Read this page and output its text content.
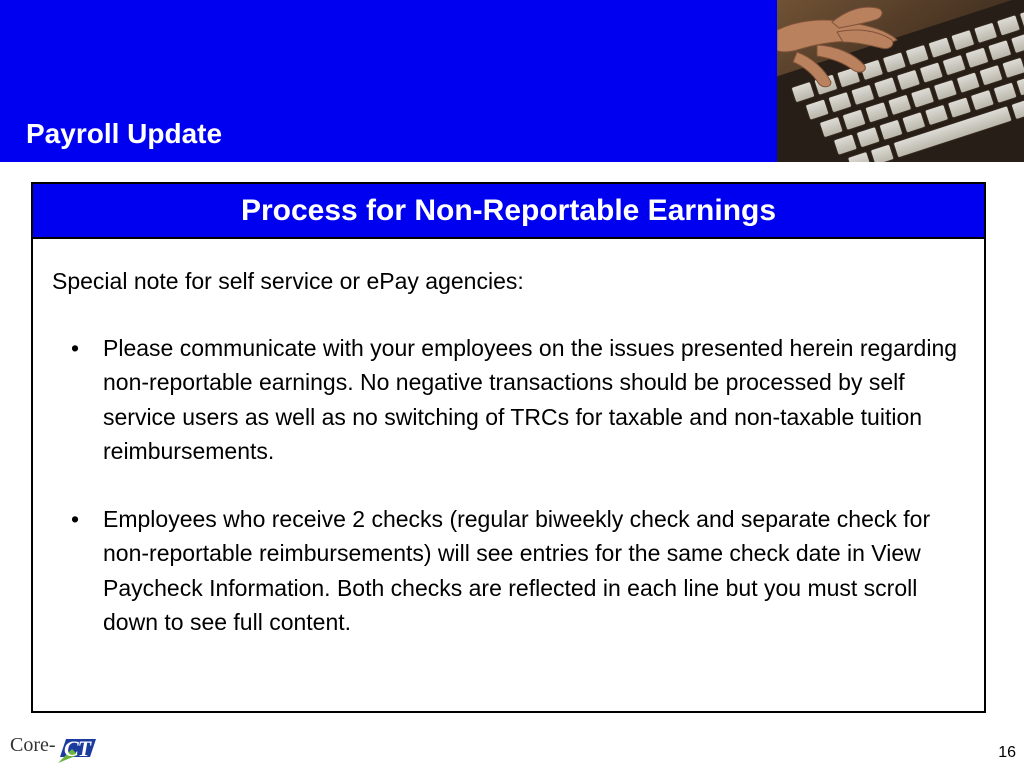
Payroll Update
Process for Non-Reportable Earnings
Special note for self service or ePay agencies:
• Please communicate with your employees on the issues presented herein regarding non-reportable earnings. No negative transactions should be processed by self service users as well as no switching of TRCs for taxable and non-taxable tuition reimbursements.
• Employees who receive 2 checks (regular biweekly check and separate check for non-reportable reimbursements) will see entries for the same check date in View Paycheck Information. Both checks are reflected in each line but you must scroll down to see full content.
Core- CT	16
